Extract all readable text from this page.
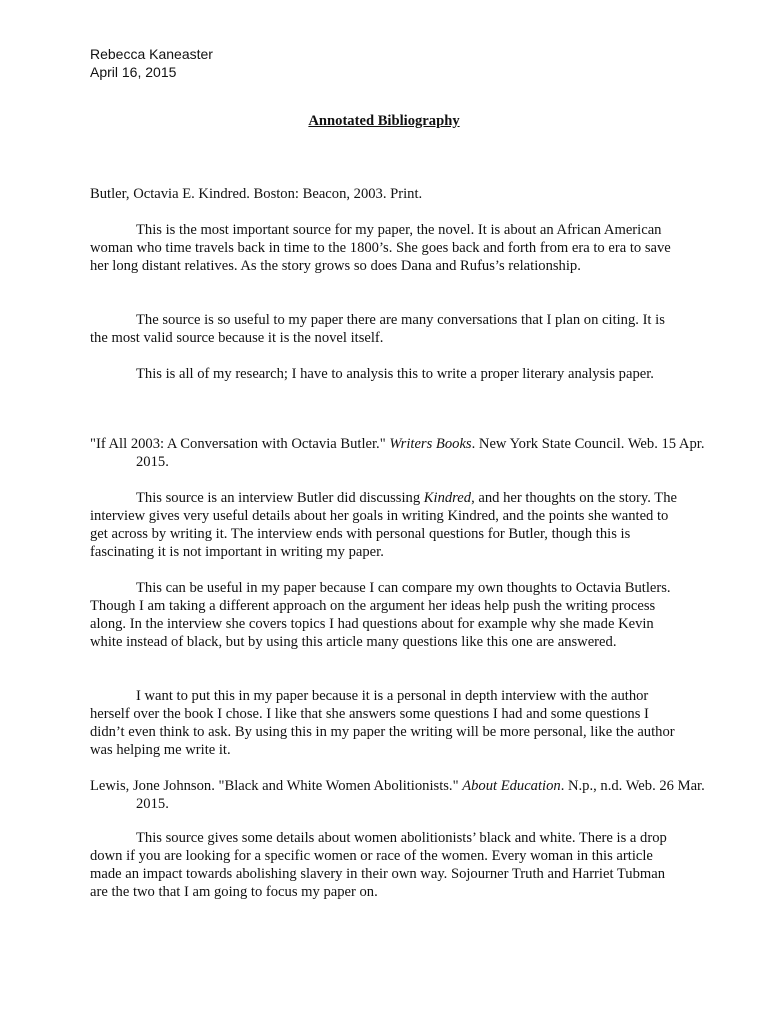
Rebecca Kaneaster
April 16, 2015
Annotated Bibliography

Butler, Octavia E. Kindred. Boston: Beacon, 2003. Print.

This is the most important source for my paper, the novel. It is about an African American woman who time travels back in time to the 1800’s. She goes back and forth from era to era to save her long distant relatives. As the story grows so does Dana and Rufus’s relationship.

The source is so useful to my paper there are many conversations that I plan on citing. It is the most valid source because it is the novel itself.

This is all of my research; I have to analysis this to write a proper literary analysis paper.

"If All 2003: A Conversation with Octavia Butler." Writers Books. New York State Council. Web. 15 Apr. 2015.

This source is an interview Butler did discussing Kindred, and her thoughts on the story. The interview gives very useful details about her goals in writing Kindred, and the points she wanted to get across by writing it. The interview ends with personal questions for Butler, though this is fascinating it is not important in writing my paper.

This can be useful in my paper because I can compare my own thoughts to Octavia Butlers. Though I am taking a different approach on the argument her ideas help push the writing process along. In the interview she covers topics I had questions about for example why she made Kevin white instead of black, but by using this article many questions like this one are answered.

I want to put this in my paper because it is a personal in depth interview with the author herself over the book I chose. I like that she answers some questions I had and some questions I didn’t even think to ask. By using this in my paper the writing will be more personal, like the author was helping me write it.

Lewis, Jone Johnson. "Black and White Women Abolitionists." About Education. N.p., n.d. Web. 26 Mar. 2015.

This source gives some details about women abolitionists’ black and white. There is a drop down if you are looking for a specific women or race of the women. Every woman in this article made an impact towards abolishing slavery in their own way. Sojourner Truth and Harriet Tubman are the two that I am going to focus my paper on.
